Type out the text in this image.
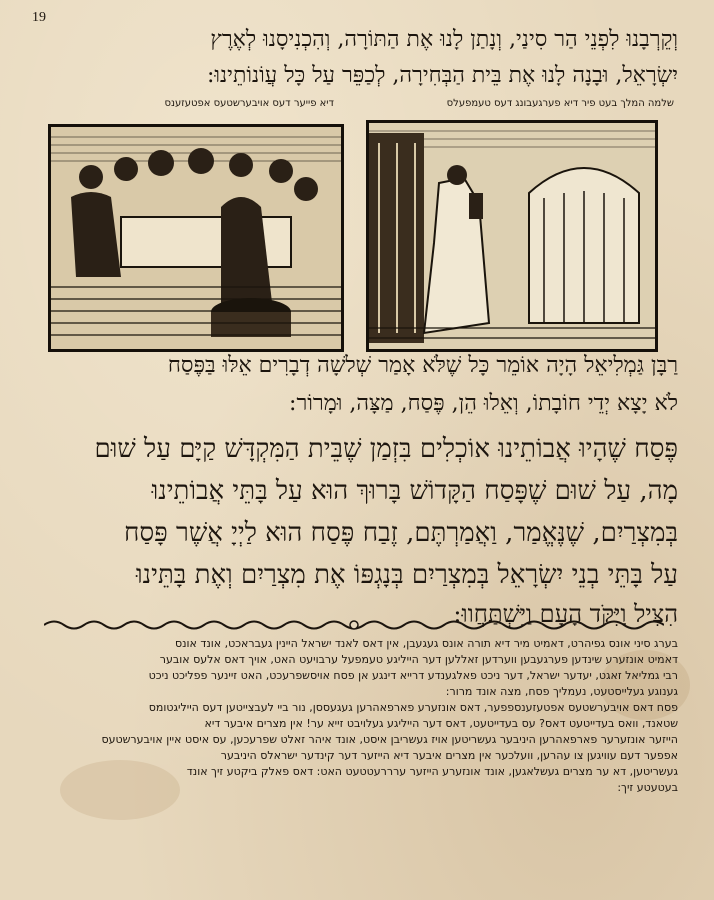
19
וְקֵרְבָנוּ לִפְנֵי הַר סִינַי, וְנָתַן לָנוּ אֶת הַתּוֹרָה, וְהִכְנִיסָנוּ לְאֶרֶץ
יִשְׂרָאֵל, וּבָנָה לָנוּ אֶת בֵּית הַבְּחִירָה, לְכַפֵּר עַל כָּל עֲוֹנוֹתֵינוּ:
שלמה המלך בעט פיר דיא פערגעבונג דעס טעמפעלס
דיא פייער דעס אויבערשטעס אפטעזענס
רַבָּן גַּמְלִיאֵל הָיָה אוֹמֵר כָּל שֶׁלֹּא אָמַר שְׁלשָׁה דְבָרִים אֵלּוּ בַּפֶּסַח
לֹא יָצָא יְדֵי חוֹבָתוֹ, וְאֵלוּ הֵן, פֶּסַח, מַצָּה, וּמָרוֹר:
פֶּסַח שֶׁהָיוּ אֲבוֹתֵינוּ אוֹכְלִים בִּזְמַן שֶׁבֵּית הַמִּקְדָּשׁ קַיָּם עַל שׁוּם
מָה, עַל שׁוּם שֶׁפָּסַח הַקָּדוֹשׁ בָּרוּךְ הוּא עַל בָּתֵּי אֲבוֹתֵינוּ
בְּמִצְרַיִם, שֶׁנֶּאֱמַר, וַאֲמַרְתֶּם, זֶבַח פֶּסַח הוּא לַיְיָ אֲשֶׁר פָּסַח
עַל בָּתֵּי בְנֵי יִשְׂרָאֵל בְּמִצְרַיִם בְּנָגְפּוֹ אֶת מִצְרַיִם וְאֶת בָּתֵּינוּ
הִצִּיל וַיִּקֹּד הָעָם וַיִּשְׁתַּחֲווּ:
בערג סיני אונס גפיהרט, דאמיט מיר דיא תורה אונס געגעבן, אין דאס לאנד ישראל היינין געבראכט, אונד אונס
דאמיט אונזערע שינדען פערגעבען ווערדען זאללען דער הייליגע טעמפעל ערבויעט האט, אויך דאס אלעס אובער
רבי גמליאל זאגט, יעדער ישראל, דער ניכט פאלגענדע דרייא דינגע אן פסח אויסשפרעכט, האט זיינער פפליכט ניכט
גענוגע געלייסטעט, נעמליך פסח, מצה אונד מרור:
פסח דאס אויבערשטעס אפטעזענספפער, דאס אונזערע פארפאהרען געגעססן, נור ביי לעבצייטען דעס הייליגטומס
שטאנד, וואס בעדייטעט דאס? עס בעדייטעט, דאס דער הייליגע געלויבט זייא ער! אין מצרים איבער דיא
הייזער אונזערער פארפאהרען היניבער געשריטען אויז געשריבן איסט, אונד איהר זאלט שפרעכען, עס איסט איין אויבערשטעס
אפפער דעם עוויגען צו עהרען, וועלכער אין מצרים איבער דיא הייזער דער קינדער ישראלס היניבער
געשריטען, דא ער מצרים געשלאגען, אונד אונזערע הייזער ערררעטטעט האט: דאס פאלק ביקטע זיך אונד
בעטעטע זיך:
